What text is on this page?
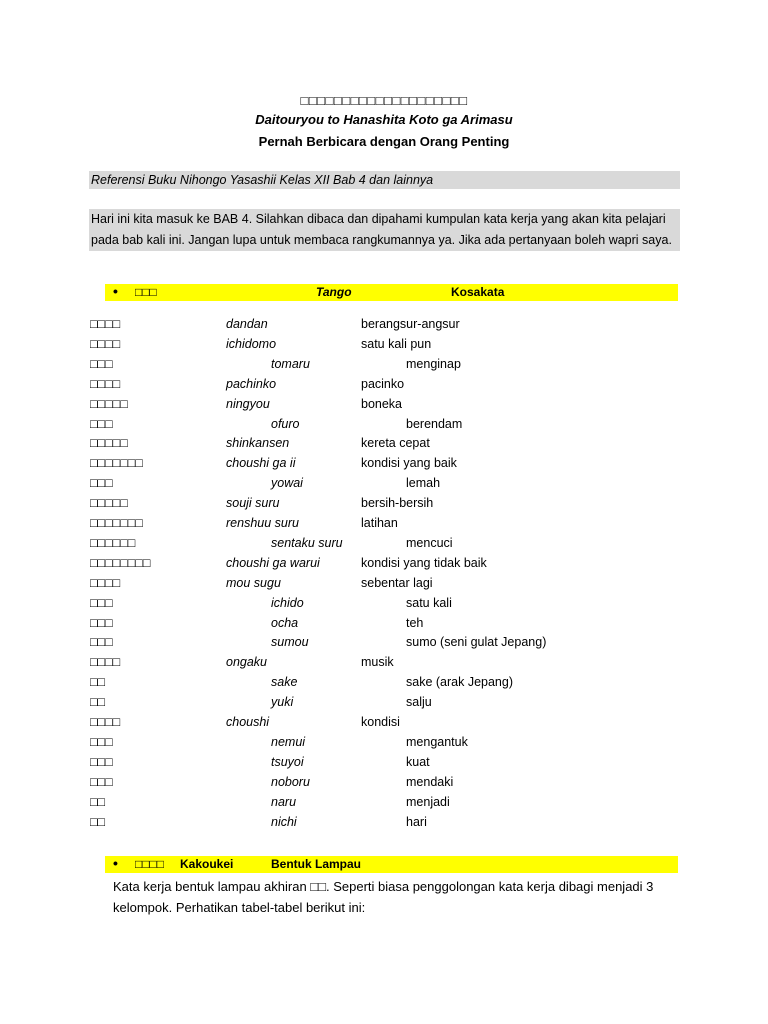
□□□□□□□□□□□□□□□□□□□□
Daitouryou to Hanashita Koto ga Arimasu
Pernah Berbicara dengan Orang Penting
Referensi Buku Nihongo Yasashii Kelas XII Bab 4 dan lainnya
Hari ini kita masuk ke BAB 4. Silahkan dibaca dan dipahami kumpulan kata kerja yang akan kita pelajari pada bab kali ini. Jangan lupa untuk membaca rangkumannya ya. Jika ada pertanyaan boleh wapri saya.
• □□□	Tango	Kosakata
□□□□	dandan	berangsur-angsur
□□□□	ichidomo	satu kali pun
□□□	tomaru	menginap
□□□□	pachinko	pacinko
□□□□□	ningyou	boneka
□□□	ofuro	berendam
□□□□□	shinkansen	kereta cepat
□□□□□□□	choushi ga ii	kondisi yang baik
□□□	yowai	lemah
□□□□□	souji suru	bersih-bersih
□□□□□□□	renshuu suru	latihan
□□□□□□	sentaku suru	mencuci
□□□□□□□□	choushi ga warui	kondisi yang tidak baik
□□□□	mou sugu	sebentar lagi
□□□	ichido	satu kali
□□□	ocha	teh
□□□	sumou	sumo (seni gulat Jepang)
□□□□	ongaku	musik
□□	sake	sake (arak Jepang)
□□	yuki	salju
□□□□	choushi	kondisi
□□□	nemui	mengantuk
□□□	tsuyoi	kuat
□□□	noboru	mendaki
□□	naru	menjadi
□□	nichi	hari
• □□□□ Kakoukei	Bentuk Lampau
Kata kerja bentuk lampau akhiran □□. Seperti biasa penggolongan kata kerja dibagi menjadi 3 kelompok. Perhatikan tabel-tabel berikut ini:
